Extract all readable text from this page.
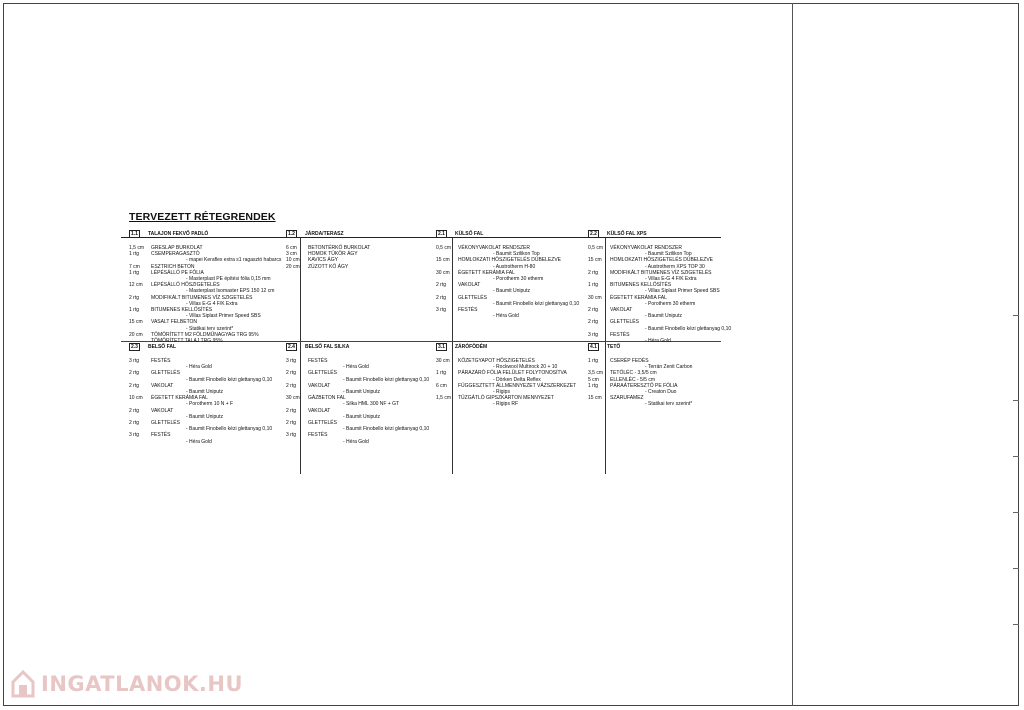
TERVEZETT RÉTEGRENDEK
1.1	TALAJON FEKVŐ PADLÓ
1,5 cm	GRESLAP BURKOLAT
1 rtg	CSEMPERAGASZTÓ
- mapei Keraflex extra s1 ragasztó habarcs
7 cm	ESZTRICH BETON
1 rtg	LÉPÉSÁLLÓ PE FÓLIA
- Masterplast PE építési fólia 0,15 mm
12 cm	LÉPÉSÁLLÓ HŐSZIGETELÉS
- Masterplast Isomaster EPS 150 12 cm
2 rtg	MODIFIKÁLT BITUMENES VÍZ SZIGETELÉS
- Villas E-G 4 F/K Extra
1 rtg	BITUMENES KELLŐSÍTÉS
- Villas Siplast Primer Speed SBS
15 cm	VASALT FELBETON
- Statikai terv szerint*
20 cm	TÖMÖRÍTETT M2 FÖLDMŰNAGYAG TRG 95%
TÖMÖRÍTETT TALAJ TRG 95%
1.2	JÁRDA/TERASZ
6 cm	BETONTÉRKŐ BURKOLAT
3 cm	HOMOK TÜKÖR ÁGY
10 cm	KAVICS ÁGY
20 cm	ZÚZOTT KŐ ÁGY
2.1	KÜLSŐ FAL
0,5 cm	VÉKONYVAKOLAT RENDSZER
- Baumit Szilikon Top
15 cm	HOMLOKZATI HŐSZIGETELÉS DÜBELEZVE
- Austrotherm H-80
30 cm	ÉGETETT KERÁMIA FAL
- Porotherm 30 etherm
2 rtg	VAKOLAT
- Baumit Uniputz
2 rtg	GLETTELÉS
- Baumit Finobello kézi glettanyag 0,10
3 rtg	FESTÉS
- Héra Gold
2.2	KÜLSŐ FAL XPS
0,5 cm	VÉKONYVAKOLAT RENDSZER
- Baumit Szilikon Top
15 cm	HOMLOKZATI HŐSZIGETELÉS DÜBELEZVE
- Austrotherm XPS TOP 30
2 rtg	MODIFIKÁLT BITUMENES VÍZ SZIGETELÉS
- Villas E-G 4 F/K Extra
1 rtg	BITUMENES KELLŐSÍTÉS
- Villas Siplast Primer Speed SBS
30 cm	ÉGETETT KERÁMIA FAL
- Porotherm 30 etherm
2 rtg	VAKOLAT
- Baumit Uniputz
2 rtg	GLETTELÉS
- Baumit Finobello kézi glettanyag 0,10
3 rtg	FESTÉS
- Héra Gold
2.3	BELSŐ FAL
3 rtg	FESTÉS
- Héra Gold
2 rtg	GLETTELÉS
- Baumit Finobello kézi glettanyag 0,10
2 rtg	VAKOLAT
- Baumit Uniputz
10 cm	ÉGETETT KERÁMIA FAL
- Porotherm 10 N + F
2 rtg	VAKOLAT
- Baumit Uniputz
2 rtg	GLETTELÉS
- Baumit Finobello kézi glettanyag 0,10
3 rtg	FESTÉS
- Héra Gold
2.4	BELSŐ FAL SILKA
3 rtg	FESTÉS
- Héra Gold
2 rtg	GLETTELÉS
- Baumit Finobello kézi glettanyag 0,10
2 rtg	VAKOLAT
- Baumit Uniputz
30 cm	GÁZBETON FAL
- Silka HML 300 NF + GT
2 rtg	VAKOLAT
- Baumit Uniputz
2 rtg	GLETTELÉS
- Baumit Finobello kézi glettanyag 0,10
3 rtg	FESTÉS
- Héra Gold
3.1	ZÁRÓFÖDÉM
30 cm	KŐZETGYAPOT HŐSZIGETELÉS
- Rockwool Multirock 20 + 10
1 rtg	PÁRAZÁRÓ FÓLIA FELÜLET FOLYTONOSÍTVA
- Dörken Delta Reflex
6 cm	FÜGGESZTETT ÁLLMENNYEZET VÁZSZERKEZET
- Rigips
1,5 cm	TŰZGÁTLÓ GIPSZKARTON MENNYEZET
- Rigips RF
4.1	TETŐ
1 rtg	CSERÉP FEDÉS
- Terrán Zenit Carbon
3,5 cm	TETŐLÉC - 3,5/5 cm
5 cm	ELLENLÉC - 5/5 cm
1 rtg	PÁRAÁTERESZTŐ PE FÓLIA
- Creaton Duo
15 cm	SZARUFAMEZ
- Statikai terv szerint*
INGATLANOK.HU
